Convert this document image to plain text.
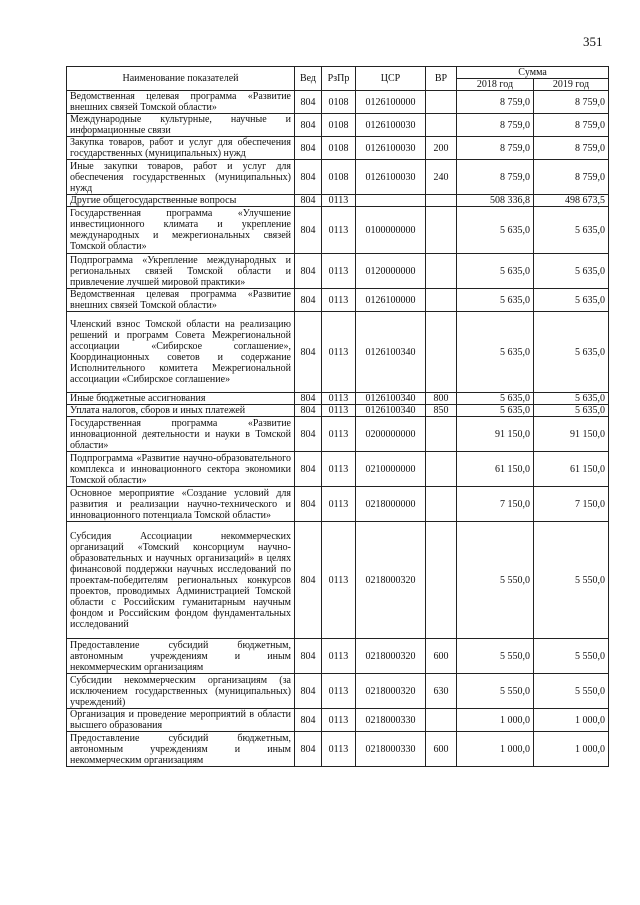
351
Наименование показателей	Вед	РзПр	ЦСР	ВР	Cумма	
					2018 год	2019 год
Ведомственная целевая программа «Развитие внешних связей Томской области»	804	0108	0126100000		8 759,0	8 759,0
Международные культурные, научные и информационные связи	804	0108	0126100030		8 759,0	8 759,0
Закупка товаров, работ и услуг для обеспечения государственных (муниципальных) нужд	804	0108	0126100030	200	8 759,0	8 759,0
Иные закупки товаров, работ и услуг для обеспечения государственных (муниципальных) нужд	804	0108	0126100030	240	8 759,0	8 759,0
Другие общегосударственные вопросы	804	0113			508 336,8	498 673,5
Государственная программа «Улучшение инвестиционного климата и укрепление международных и межрегиональных связей Томской области»	804	0113	0100000000		5 635,0	5 635,0
Подпрограмма «Укрепление международных и региональных связей Томской области и привлечение лучшей мировой практики»	804	0113	0120000000		5 635,0	5 635,0
Ведомственная целевая программа «Развитие внешних связей Томской области»	804	0113	0126100000		5 635,0	5 635,0
Членский взнос Томской области на реализацию решений и программ Совета Межрегиональной ассоциации «Сибирское соглашение», Координационных советов и содержание Исполнительного комитета Межрегиональной ассоциации «Сибирское соглашение»	804	0113	0126100340		5 635,0	5 635,0
Иные бюджетные ассигнования	804	0113	0126100340	800	5 635,0	5 635,0
Уплата налогов, сборов и иных платежей	804	0113	0126100340	850	5 635,0	5 635,0
Государственная программа «Развитие инновационной деятельности и науки в Томской области»	804	0113	0200000000		91 150,0	91 150,0
Подпрограмма «Развитие научно-образовательного комплекса и инновационного сектора экономики Томской области»	804	0113	0210000000		61 150,0	61 150,0
Основное мероприятие «Создание условий для развития и реализации научно-технического и инновационного потенциала Томской области»	804	0113	0218000000		7 150,0	7 150,0
Субсидия Ассоциации некоммерческих организаций «Томский консорциум научно-образовательных и научных организаций» в целях финансовой поддержки научных исследований по проектам-победителям региональных конкурсов проектов, проводимых Администрацией Томской области с Российским гуманитарным научным фондом и Российским фондом фундаментальных исследований	804	0113	0218000320		5 550,0	5 550,0
Предоставление субсидий бюджетным, автономным учреждениям и иным некоммерческим организациям	804	0113	0218000320	600	5 550,0	5 550,0
Субсидии некоммерческим организациям (за исключением государственных (муниципальных) учреждений)	804	0113	0218000320	630	5 550,0	5 550,0
Организация и проведение мероприятий в области высшего образования	804	0113	0218000330		1 000,0	1 000,0
Предоставление субсидий бюджетным, автономным учреждениям и иным некоммерческим организациям	804	0113	0218000330	600	1 000,0	1 000,0
